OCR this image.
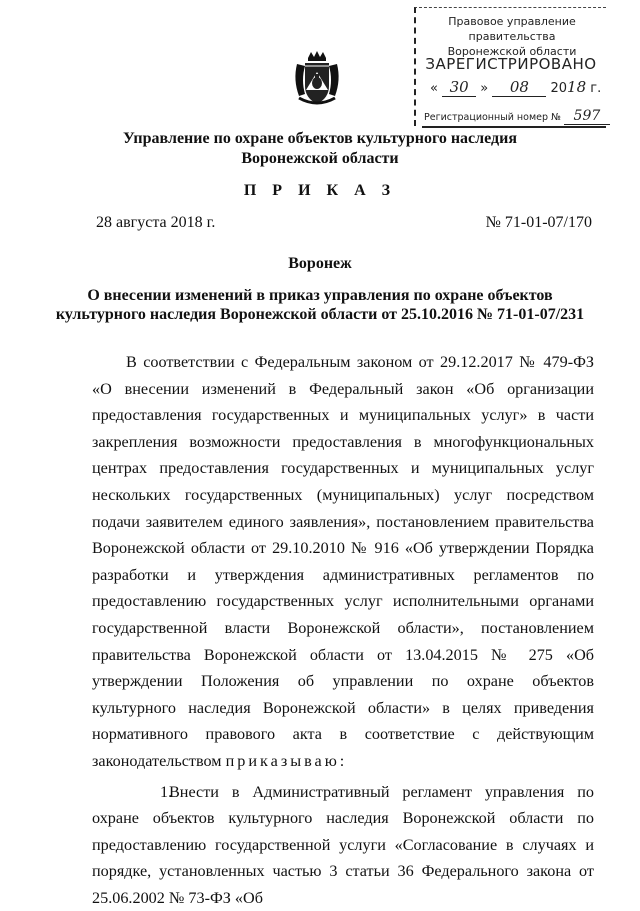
Правовое управление правительства
Воронежской области
ЗАРЕГИСТРИРОВАНО
« 30 » 08 2018 г.
Регистрационный номер № 597
Управление по охране объектов культурного наследия
Воронежской области
П Р И К А З
28 августа 2018 г.	№ 71-01-07/170
Воронеж
О внесении изменений в приказ управления по охране объектов
культурного наследия Воронежской области от 25.10.2016 № 71-01-07/231

В соответствии с Федеральным законом от 29.12.2017 № 479-ФЗ «О внесении изменений в Федеральный закон «Об организации предоставления государственных и муниципальных услуг» в части закрепления возможности предоставления в многофункциональных центрах предоставления государственных и муниципальных услуг нескольких государственных (муниципальных) услуг посредством подачи заявителем единого заявления», постановлением правительства Воронежской области от 29.10.2010 № 916 «Об утверждении Порядка разработки и утверждения административных регламентов по предоставлению государственных услуг исполнительными органами государственной власти Воронежской области», постановлением правительства Воронежской области от 13.04.2015 № 275 «Об утверждении Положения об управлении по охране объектов культурного наследия Воронежской области» в целях приведения нормативного правового акта в соответствие с действующим законодательством приказываю:

1.Внести в Административный регламент управления по охране объектов культурного наследия Воронежской области по предоставлению государственной услуги «Согласование в случаях и порядке, установленных частью 3 статьи 36 Федерального закона от 25.06.2002 № 73-ФЗ «Об
